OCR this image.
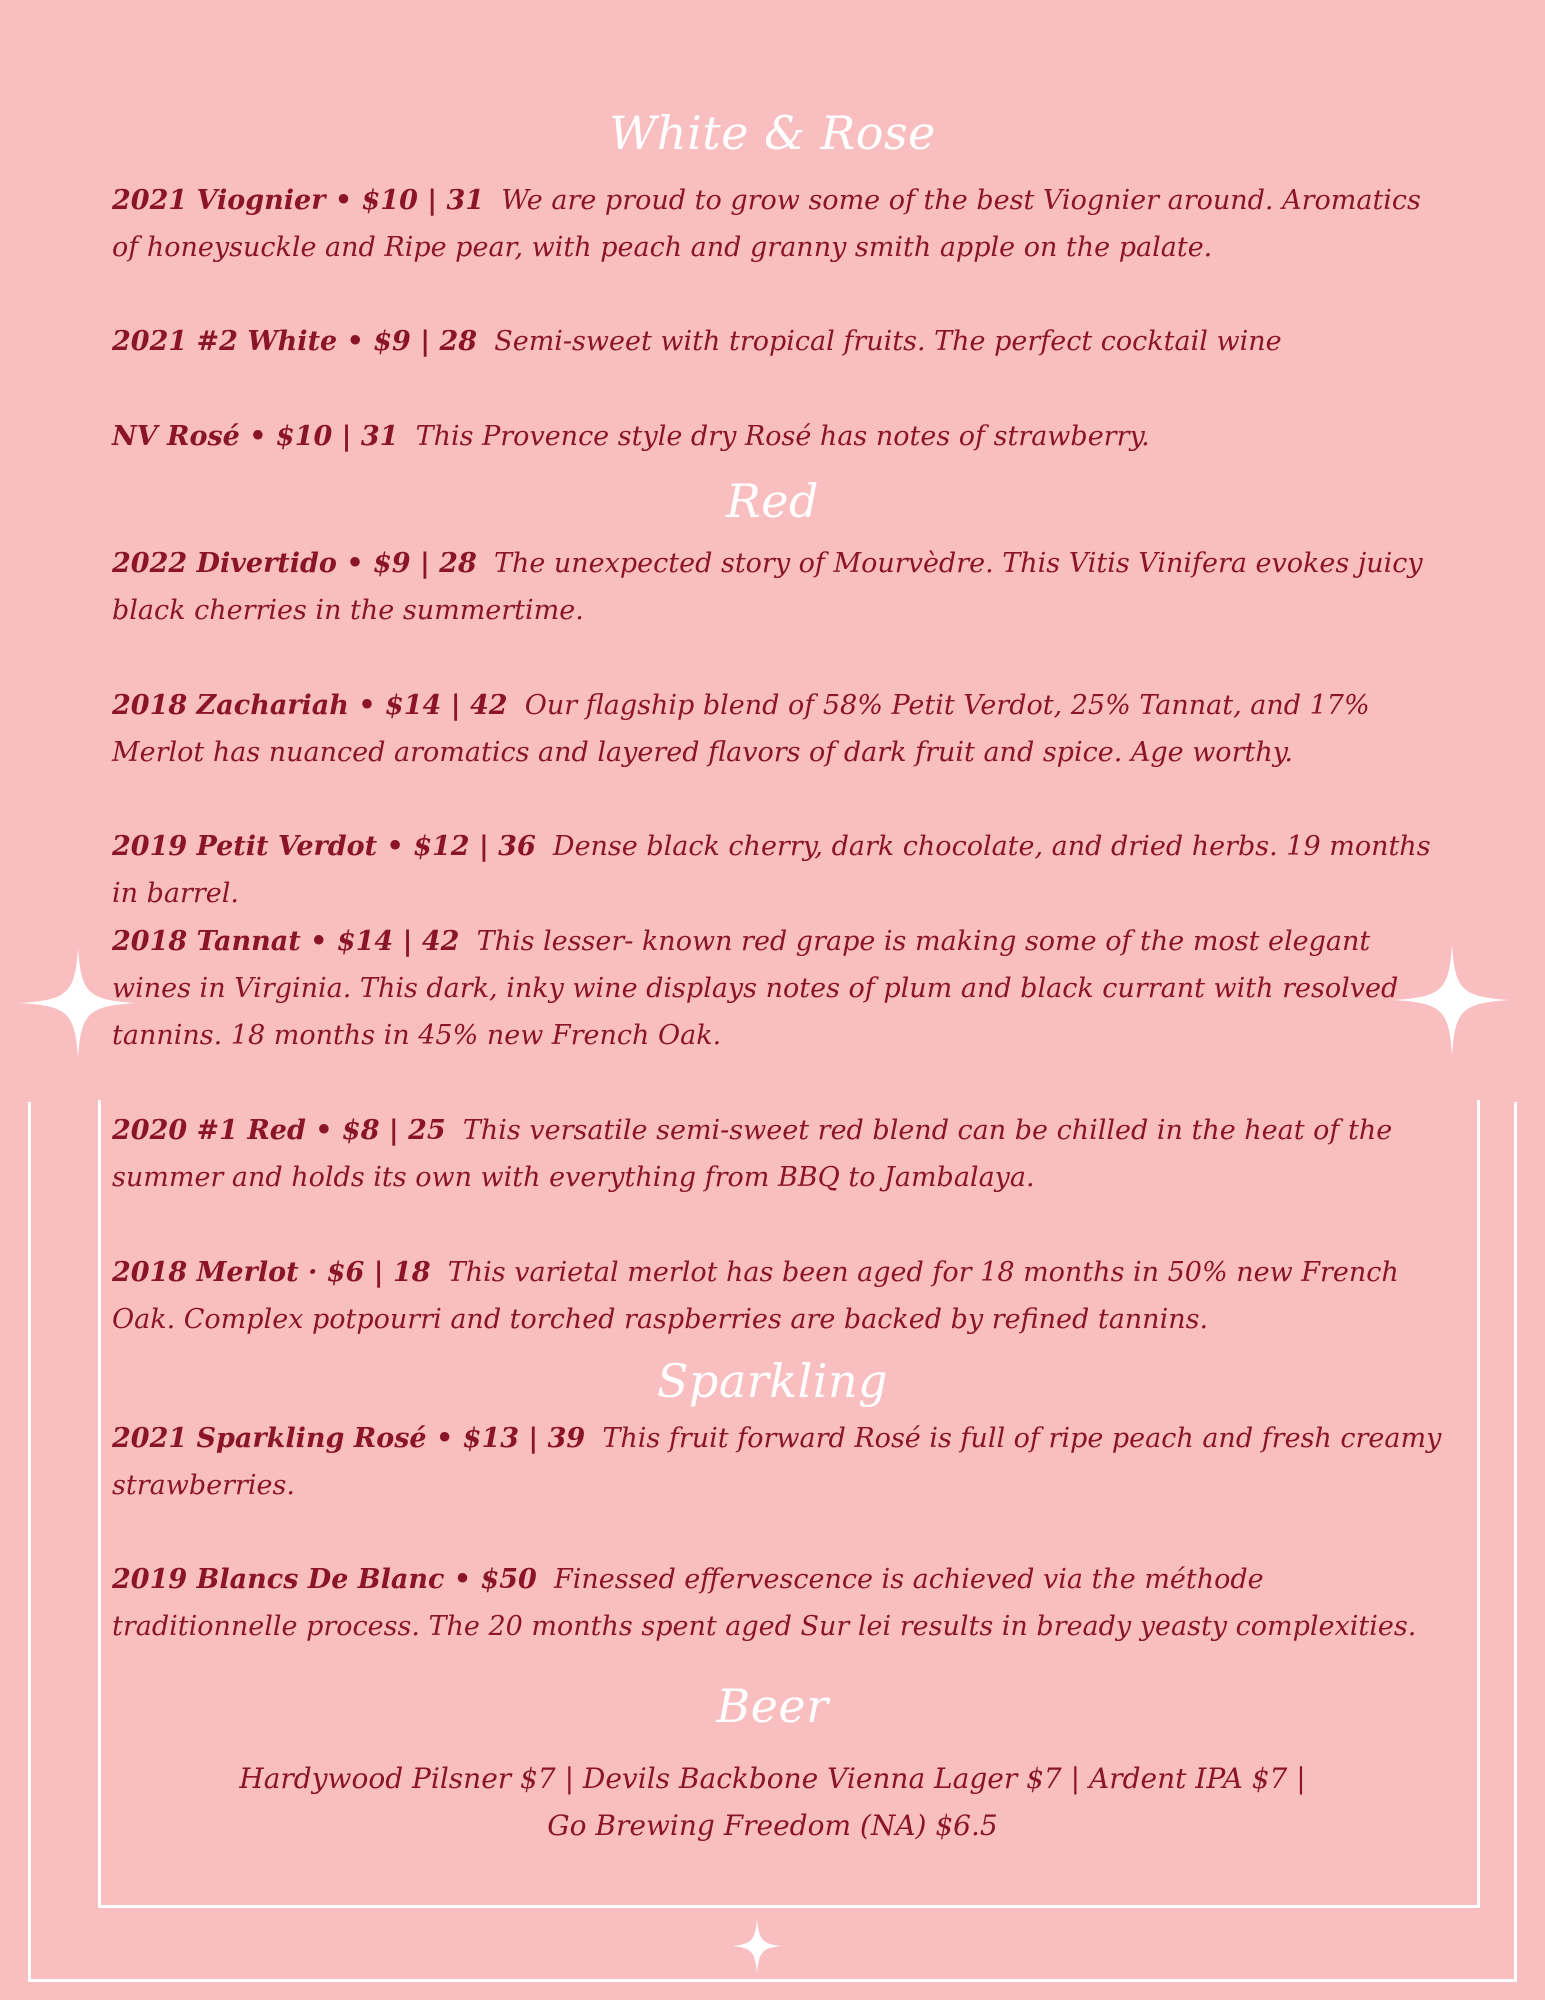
White & Rose

2021 Viognier • $10 | 31 We are proud to grow some of the best Viognier around. Aromatics of honeysuckle and Ripe pear, with peach and granny smith apple on the palate.

2021 #2 White • $9 | 28 Semi-sweet with tropical fruits. The perfect cocktail wine

NV Rosé • $10 | 31 This Provence style dry Rosé has notes of strawberry.

Red

2022 Divertido • $9 | 28 The unexpected story of Mourvèdre. This Vitis Vinifera evokes juicy black cherries in the summertime.

2018 Zachariah • $14 | 42 Our flagship blend of 58% Petit Verdot, 25% Tannat, and 17% Merlot has nuanced aromatics and layered flavors of dark fruit and spice. Age worthy.

2019 Petit Verdot • $12 | 36 Dense black cherry, dark chocolate, and dried herbs. 19 months in barrel.

2018 Tannat • $14 | 42 This lesser- known red grape is making some of the most elegant wines in Virginia. This dark, inky wine displays notes of plum and black currant with resolved tannins. 18 months in 45% new French Oak.

2020 #1 Red • $8 | 25 This versatile semi-sweet red blend can be chilled in the heat of the summer and holds its own with everything from BBQ to Jambalaya.

2018 Merlot · $6 | 18 This varietal merlot has been aged for 18 months in 50% new French Oak. Complex potpourri and torched raspberries are backed by refined tannins.

Sparkling

2021 Sparkling Rosé • $13 | 39 This fruit forward Rosé is full of ripe peach and fresh creamy strawberries.

2019 Blancs De Blanc • $50 Finessed effervescence is achieved via the méthode traditionnelle process. The 20 months spent aged Sur lei results in bready yeasty complexities.

Beer

Hardywood Pilsner $7 | Devils Backbone Vienna Lager $7 | Ardent IPA $7 |

Go Brewing Freedom (NA) $6.5
